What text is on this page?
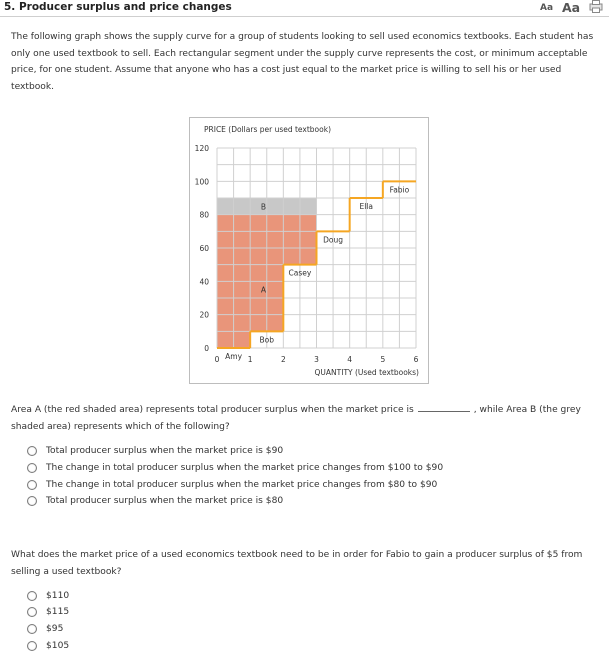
5. Producer surplus and price changes	Aa Aa
The following graph shows the supply curve for a group of students looking to sell used economics textbooks. Each student has only one used textbook to sell. Each rectangular segment under the supply curve represents the cost, or minimum acceptable price, for one student. Assume that anyone who has a cost just equal to the market price is willing to sell his or her used textbook.
Amy
Bob
Casey
Doug
Ella
Fabio
A
B
0
20
40
60
80
100
120
0	1	2	3	4	5	6
PRICE (Dollars per used textbook)
QUANTITY (Used textbooks)
Area A (the red shaded area) represents total producer surplus when the market price is	, while Area B (the grey shaded area) represents which of the following?
Total producer surplus when the market price is $90
The change in total producer surplus when the market price changes from $100 to $90
The change in total producer surplus when the market price changes from $80 to $90
Total producer surplus when the market price is $80
What does the market price of a used economics textbook need to be in order for Fabio to gain a producer surplus of $5 from selling a used textbook?
$110
$115
$95
$105
